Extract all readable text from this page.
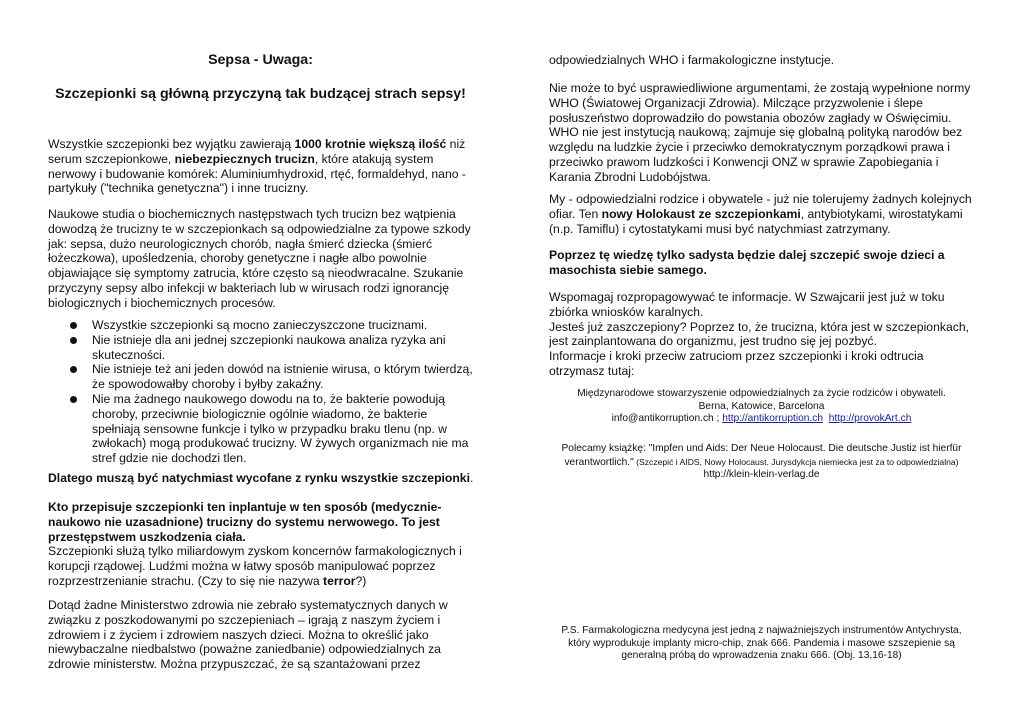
Sepsa - Uwaga:
Szczepionki są główną przyczyną tak budzącej strach sepsy!

Wszystkie szczepionki bez wyjątku zawierają 1000 krotnie większą ilość niż serum szczepionkowe, niebezpiecznych trucizn, które atakują system nerwowy i budowanie komórek: Aluminiumhydroxid, rtęć, formaldehyd, nano - partykuły ("technika genetyczna") i inne trucizny.

Naukowe studia o biochemicznych następstwach tych trucizn bez wątpienia dowodzą że trucizny te w szczepionkach są odpowiedzialne za typowe szkody jak: sepsa, dużo neurologicznych chorób, nagła śmierć dziecka (śmierć łożeczkowa), upośledzenia, choroby genetyczne i nagłe albo powolnie objawiające się symptomy zatrucia, które często są nieodwracalne. Szukanie przyczyny sepsy albo infekcji w bakteriach lub w wirusach rodzi ignorancję biologicznych i biochemicznych procesów.

Wszystkie szczepionki są mocno zanieczyszczone truciznami.
Nie istnieje dla ani jednej szczepionki naukowa analiza ryzyka ani skuteczności.
Nie istnieje też ani jeden dowód na istnienie wirusa, o którym twierdzą, że spowodowałby choroby i byłby zakaźny.
Nie ma żadnego naukowego dowodu na to, że bakterie powodują choroby, przeciwnie biologicznie ogólnie wiadomo, że bakterie spełniają sensowne funkcje i tylko w przypadku braku tlenu (np. w zwłokach) mogą produkować trucizny. W żywych organizmach nie ma stref gdzie nie dochodzi tlen.

Dlatego muszą być natychmiast wycofane z rynku wszystkie szczepionki.

Kto przepisuje szczepionki ten inplantuje w ten sposób (medycznie-naukowo nie uzasadnione) trucizny do systemu nerwowego. To jest przestępstwem uszkodzenia ciała.
Szczepionki służą tylko miliardowym zyskom koncernów farmakologicznych i korupcji rządowej. Ludźmi można w łatwy sposób manipulować poprzez rozprzestrzenianie strachu. (Czy to się nie nazywa terror?)

Dotąd żadne Ministerstwo zdrowia nie zebrało systematycznych danych w związku z poszkodowanymi po szczepieniach – igrają z naszym życiem i zdrowiem i z życiem i zdrowiem naszych dzieci. Można to określić jako niewybaczalne niedbalstwo (poważne zaniedbanie) odpowiedzialnych za zdrowie ministerstw. Można przypuszczać, że są szantażowani przez

odpowiedzialnych WHO i farmakologiczne instytucje.

Nie może to być usprawiedliwione argumentami, że zostają wypełnione normy WHO (Światowej Organizacji Zdrowia). Milczące przyzwolenie i ślepe posłuszeństwo doprowadziło do powstania obozów zagłady w Oświęcimiu. WHO nie jest instytucją naukową; zajmuje się globalną polityką narodów bez względu na ludzkie życie i przeciwko demokratycznym porządkowi prawa i przeciwko prawom ludzkości i Konwencji ONZ w sprawie Zapobiegania i Karania Zbrodni Ludobójstwa.

My - odpowiedzialni rodzice i obywatele - już nie tolerujemy żadnych kolejnych ofiar. Ten nowy Holokaust ze szczepionkami, antybiotykami, wirostatykami (n.p. Tamiflu) i cytostatykami musi być natychmiast zatrzymany.

Poprzez tę wiedzę tylko sadysta będzie dalej szczepić swoje dzieci a masochista siebie samego.

Wspomagaj rozpropagowywać te informacje. W Szwajcarii jest już w toku zbiórka wniosków karalnych.
Jesteś już zaszczepiony? Poprzez to, że trucizna, która jest w szczepionkach, jest zainplantowana do organizmu, jest trudno się jej pozbyć.
Informacje i kroki przeciw zatruciom przez szczepionki i kroki odtrucia otrzymasz tutaj:

Międzynarodowe stowarzyszenie odpowiedzialnych za życie rodziców i obywateli.
Berna, Katowice, Barcelona
info@antikorruption.ch ; http://antikorruption.ch http://provokArt.ch
Polecamy książkę: "Impfen und Aids: Der Neue Holocaust. Die deutsche Justiz ist hierfür verantwortlich." (Szczepić i AIDS, Nowy Holocaust. Jurysdykcja niemiecka jest za to odpowiedzialna)
http://klein-klein-verlag.de
P.S. Farmakologiczna medycyna jest jedną z najważniejszych instrumentów Antychrysta, który wyprodukuje implanty micro-chip, znak 666. Pandemia i masowe szszepienie są generalną próbą do wprowadzenia znaku 666. (Obj. 13,16-18)
